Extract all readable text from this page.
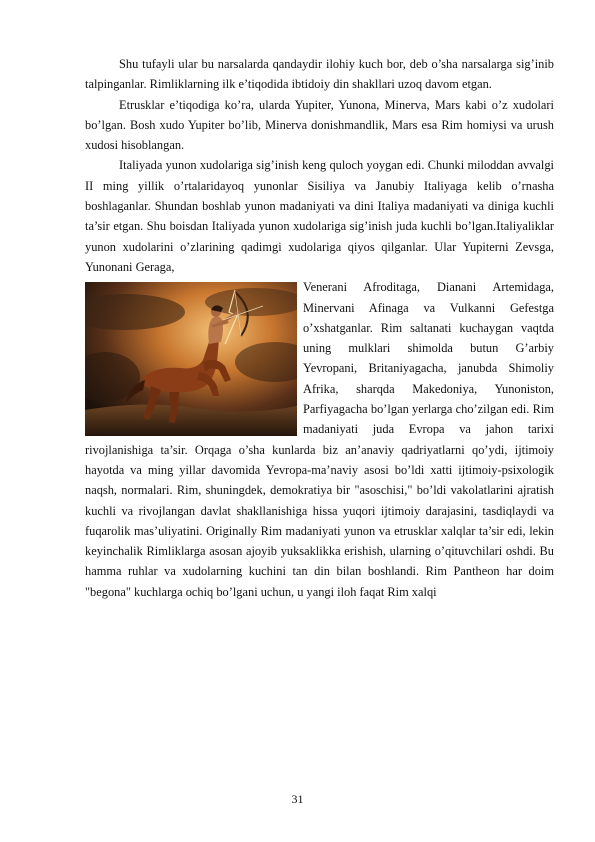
Shu tufayli ular bu narsalarda qandaydir ilohiy kuch bor, deb o’sha narsalarga sig’inib talpinganlar. Rimliklarning ilk e’tiqodida ibtidoiy din shakllari uzoq davom etgan.

Etrusklar e’tiqodiga ko’ra, ularda Yupiter, Yunona, Minerva, Mars kabi o’z xudolari bo’lgan. Bosh xudo Yupiter bo’lib, Minerva donishmandlik, Mars esa Rim homiysi va urush xudosi hisoblangan.

Italiyada yunon xudolariga sig’inish keng quloch yoygan edi. Chunki miloddan avvalgi II ming yillik o’rtalaridayoq yunonlar Sisiliya va Janubiy Italiyaga kelib o’rnasha boshlaganlar. Shundan boshlab yunon madaniyati va dini Italiya madaniyati va diniga kuchli ta’sir etgan. Shu boisdan Italiyada yunon xudolariga sig’inish juda kuchli bo’lgan.Italiyaliklar yunon xudolarini o’zlarining qadimgi xudolariga qiyos qilganlar. Ular Yupiterni Zevsga, Yunonani Geraga,

Venerani Afroditaga, Dianani Artemidaga, Minervani Afinaga va Vulkanni Gefestga o’xshatganlar. Rim saltanati kuchaygan vaqtda uning mulklari shimolda butun G’arbiy Yevropani, Britaniyagacha, janubda Shimoliy Afrika, sharqda Makedoniya, Yunoniston, Parfiyagacha bo’lgan yerlarga cho’zilgan edi. Rim madaniyati juda Evropa va jahon tarixi rivojlanishiga ta’sir. Orqaga o’sha kunlarda biz an’anaviy qadriyatlarni qo’ydi, ijtimoiy hayotda va ming yillar davomida Yevropa-ma’naviy asosi bo’ldi xatti ijtimoiy-psixologik naqsh, normalari. Rim, shuningdek, demokratiya bir "asoschisi," bo’ldi vakolatlarini ajratish kuchli va rivojlangan davlat shakllanishiga hissa yuqori ijtimoiy darajasini, tasdiqlaydi va fuqarolik mas’uliyatini. Originally Rim madaniyati yunon va etrusklar xalqlar ta’sir edi, lekin keyinchalik Rimliklarga asosan ajoyib yuksaklikka erishish, ularning o’qituvchilari oshdi. Bu hamma ruhlar va xudolarning kuchini tan din bilan boshlandi. Rim Pantheon har doim "begona" kuchlarga ochiq bo’lgani uchun, u yangi iloh faqat Rim xalqi

31
